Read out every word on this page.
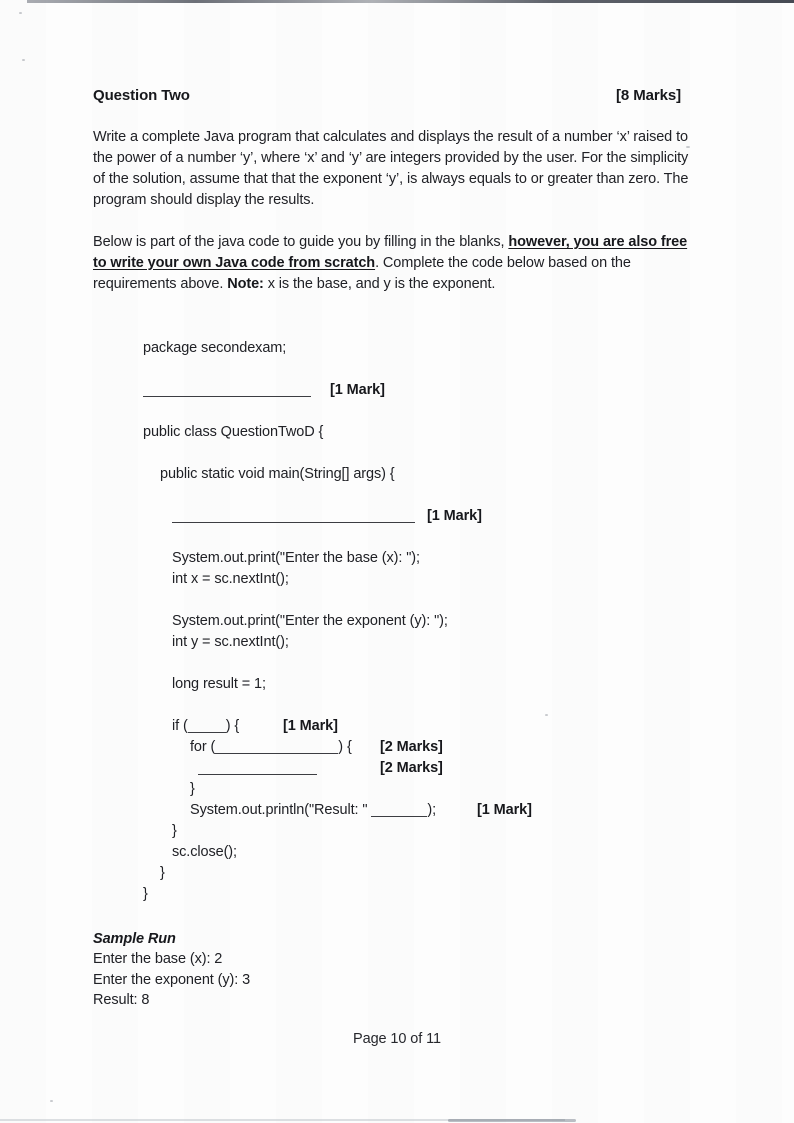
Question Two	[8 Marks]

Write a complete Java program that calculates and displays the result of a number ‘x’ raised to the power of a number ‘y’, where ‘x’ and ‘y’ are integers provided by the user. For the simplicity of the solution, assume that that the exponent ‘y’, is always equals to or greater than zero. The program should display the results.

Below is part of the java code to guide you by filling in the blanks, however, you are also free to write your own Java code from scratch. Complete the code below based on the requirements above. Note: x is the base, and y is the exponent.

package secondexam;
[1 Mark]
public class QuestionTwoD {
public static void main(String[] args) {
[1 Mark]
System.out.print("Enter the base (x): ");
int x = sc.nextInt();
System.out.print("Enter the exponent (y): ");
int y = sc.nextInt();
long result = 1;
if (	) {	[1 Mark]
for (	) { [2 Marks]
[2 Marks]
}
System.out.println("Result: "	);	[1 Mark]
}
sc.close();
}
}
Sample Run
Enter the base (x): 2
Enter the exponent (y): 3
Result: 8
Page 10 of 11
